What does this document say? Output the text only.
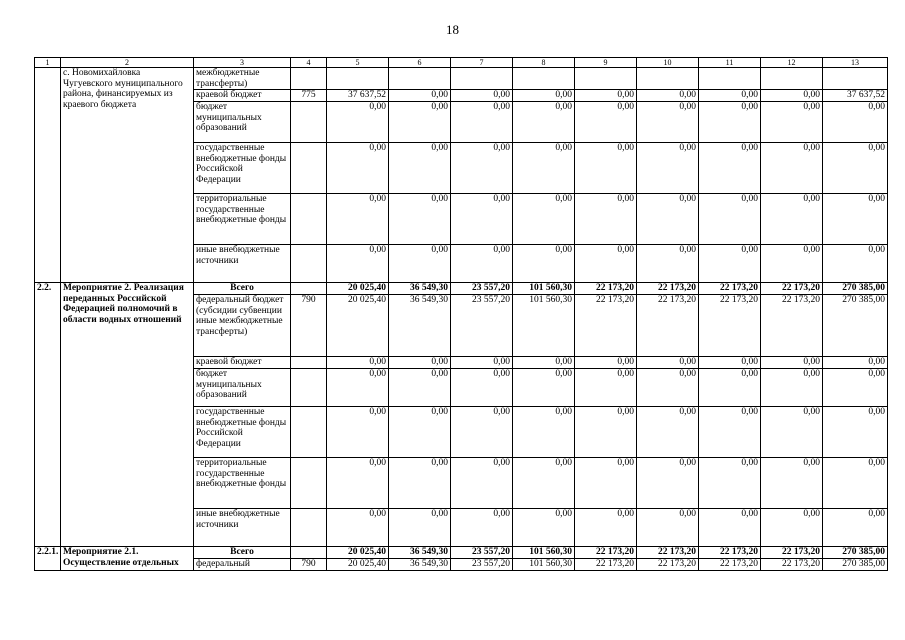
18
1	2	3	4	5	6	7	8	9	10	11	12	13
	с. Новомихайловка Чугуевского муниципального района, финансируемых из краевого бюджета	межбюджетные трансферты)										
		краевой бюджет	775	37 637,52	0,00	0,00	0,00	0,00	0,00	0,00	0,00	37 637,52
		бюджет муниципальных образований		0,00	0,00	0,00	0,00	0,00	0,00	0,00	0,00	0,00
		государственные внебюджетные фонды Российской Федерации		0,00	0,00	0,00	0,00	0,00	0,00	0,00	0,00	0,00
		территориальные государственные внебюджетные фонды		0,00	0,00	0,00	0,00	0,00	0,00	0,00	0,00	0,00
		иные внебюджетные источники		0,00	0,00	0,00	0,00	0,00	0,00	0,00	0,00	0,00
2.2.	Мероприятие 2. Реализация переданных Российской Федерацией полномочий в области водных отношений	Всего		20 025,40	36 549,30	23 557,20	101 560,30	22 173,20	22 173,20	22 173,20	22 173,20	270 385,00
		федеральный бюджет (субсидии субвенции иные межбюджетные трансферты)	790	20 025,40	36 549,30	23 557,20	101 560,30	22 173,20	22 173,20	22 173,20	22 173,20	270 385,00
		краевой бюджет		0,00	0,00	0,00	0,00	0,00	0,00	0,00	0,00	0,00
		бюджет муниципальных образований		0,00	0,00	0,00	0,00	0,00	0,00	0,00	0,00	0,00
		государственные внебюджетные фонды Российской Федерации		0,00	0,00	0,00	0,00	0,00	0,00	0,00	0,00	0,00
		территориальные государственные внебюджетные фонды		0,00	0,00	0,00	0,00	0,00	0,00	0,00	0,00	0,00
		иные внебюджетные источники		0,00	0,00	0,00	0,00	0,00	0,00	0,00	0,00	0,00
2.2.1.	Мероприятие 2.1. Осуществление отдельных	Всего		20 025,40	36 549,30	23 557,20	101 560,30	22 173,20	22 173,20	22 173,20	22 173,20	270 385,00
		федеральный	790	20 025,40	36 549,30	23 557,20	101 560,30	22 173,20	22 173,20	22 173,20	22 173,20	270 385,00
